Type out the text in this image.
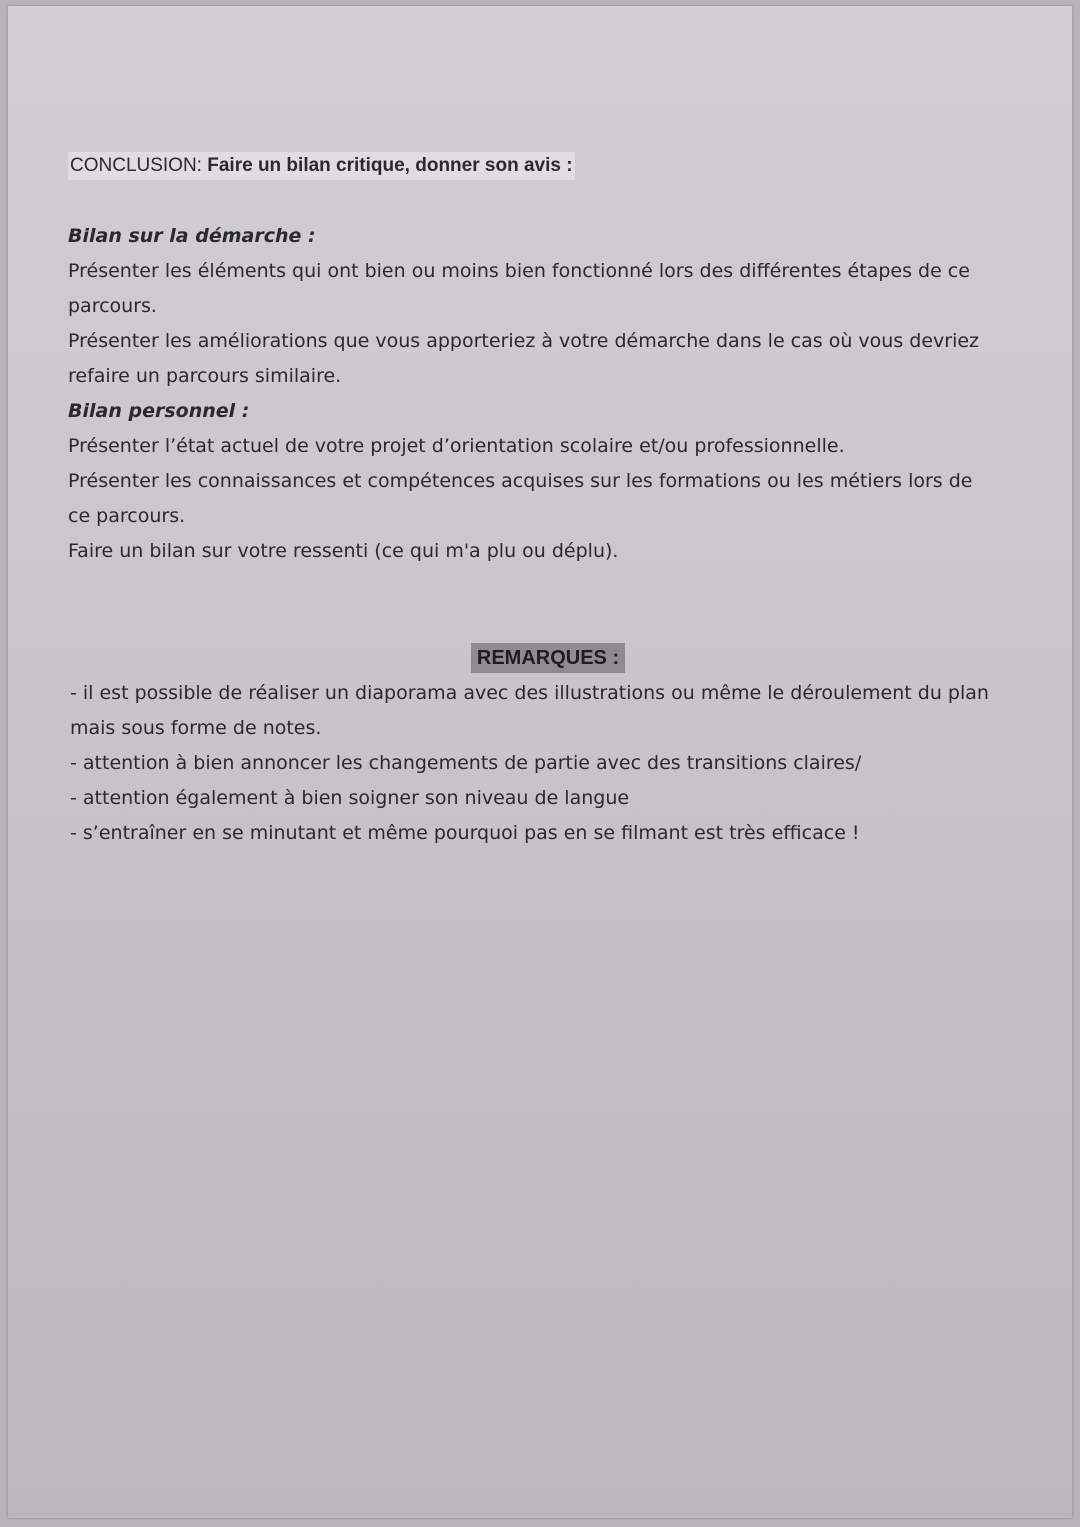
CONCLUSION: Faire un bilan critique, donner son avis :
Bilan sur la démarche :
Présenter les éléments qui ont bien ou moins bien fonctionné lors des différentes étapes de ce
parcours.
Présenter les améliorations que vous apporteriez à votre démarche dans le cas où vous devriez
refaire un parcours similaire.
Bilan personnel :
Présenter l’état actuel de votre projet d’orientation scolaire et/ou professionnelle.
Présenter les connaissances et compétences acquises sur les formations ou les métiers lors de
ce parcours.
Faire un bilan sur votre ressenti (ce qui m'a plu ou déplu).
REMARQUES :
- il est possible de réaliser un diaporama avec des illustrations ou même le déroulement du plan
mais sous forme de notes.
- attention à bien annoncer les changements de partie avec des transitions claires/
- attention également à bien soigner son niveau de langue
- s’entraîner en se minutant et même pourquoi pas en se filmant est très efficace !
